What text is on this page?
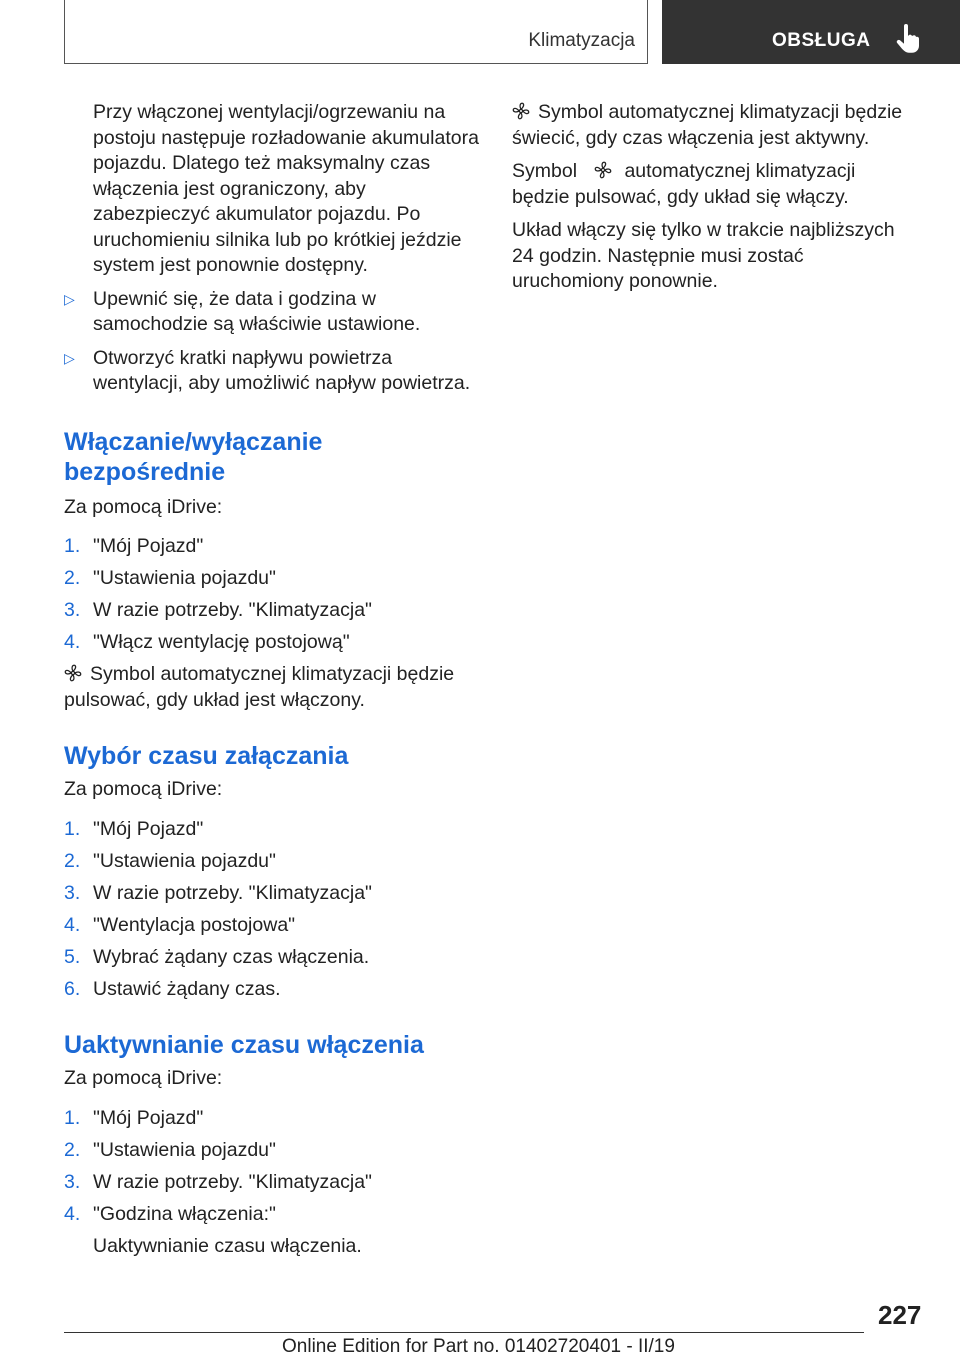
Klimatyzacja	OBSŁUGA

Przy włączonej wentylacji/ogrzewaniu na postoju następuje rozładowanie akumulatora pojazdu. Dlatego też maksymalny czas włączenia jest ograniczony, aby zabezpieczyć akumulator pojazdu. Po uruchomieniu silnika lub po krótkiej jeździe system jest ponownie dostępny.

▷ Upewnić się, że data i godzina w samochodzie są właściwie ustawione.
▷ Otworzyć kratki napływu powietrza wentylacji, aby umożliwić napływ powietrza.
Włączanie/wyłączanie bezpośrednie

Za pomocą iDrive:

1. "Mój Pojazd"
2. "Ustawienia pojazdu"
3. W razie potrzeby. "Klimatyzacja"
4. "Włącz wentylację postojową"

Symbol automatycznej klimatyzacji będzie pulsować, gdy układ jest włączony.

Wybór czasu załączania

Za pomocą iDrive:

1. "Mój Pojazd"
2. "Ustawienia pojazdu"
3. W razie potrzeby. "Klimatyzacja"
4. "Wentylacja postojowa"
5. Wybrać żądany czas włączenia.
6. Ustawić żądany czas.
Uaktywnianie czasu włączenia

Za pomocą iDrive:

1. "Mój Pojazd"
2. "Ustawienia pojazdu"
3. W razie potrzeby. "Klimatyzacja"
4. "Godzina włączenia:"

Uaktywnianie czasu włączenia.

Symbol automatycznej klimatyzacji będzie świecić, gdy czas włączenia jest aktywny.

Symbol automatycznej klimatyzacji będzie pulsować, gdy układ się włączy.

Układ włączy się tylko w trakcie najbliższych 24 godzin. Następnie musi zostać uruchomiony ponownie.

227
Online Edition for Part no. 01402720401 - II/19
